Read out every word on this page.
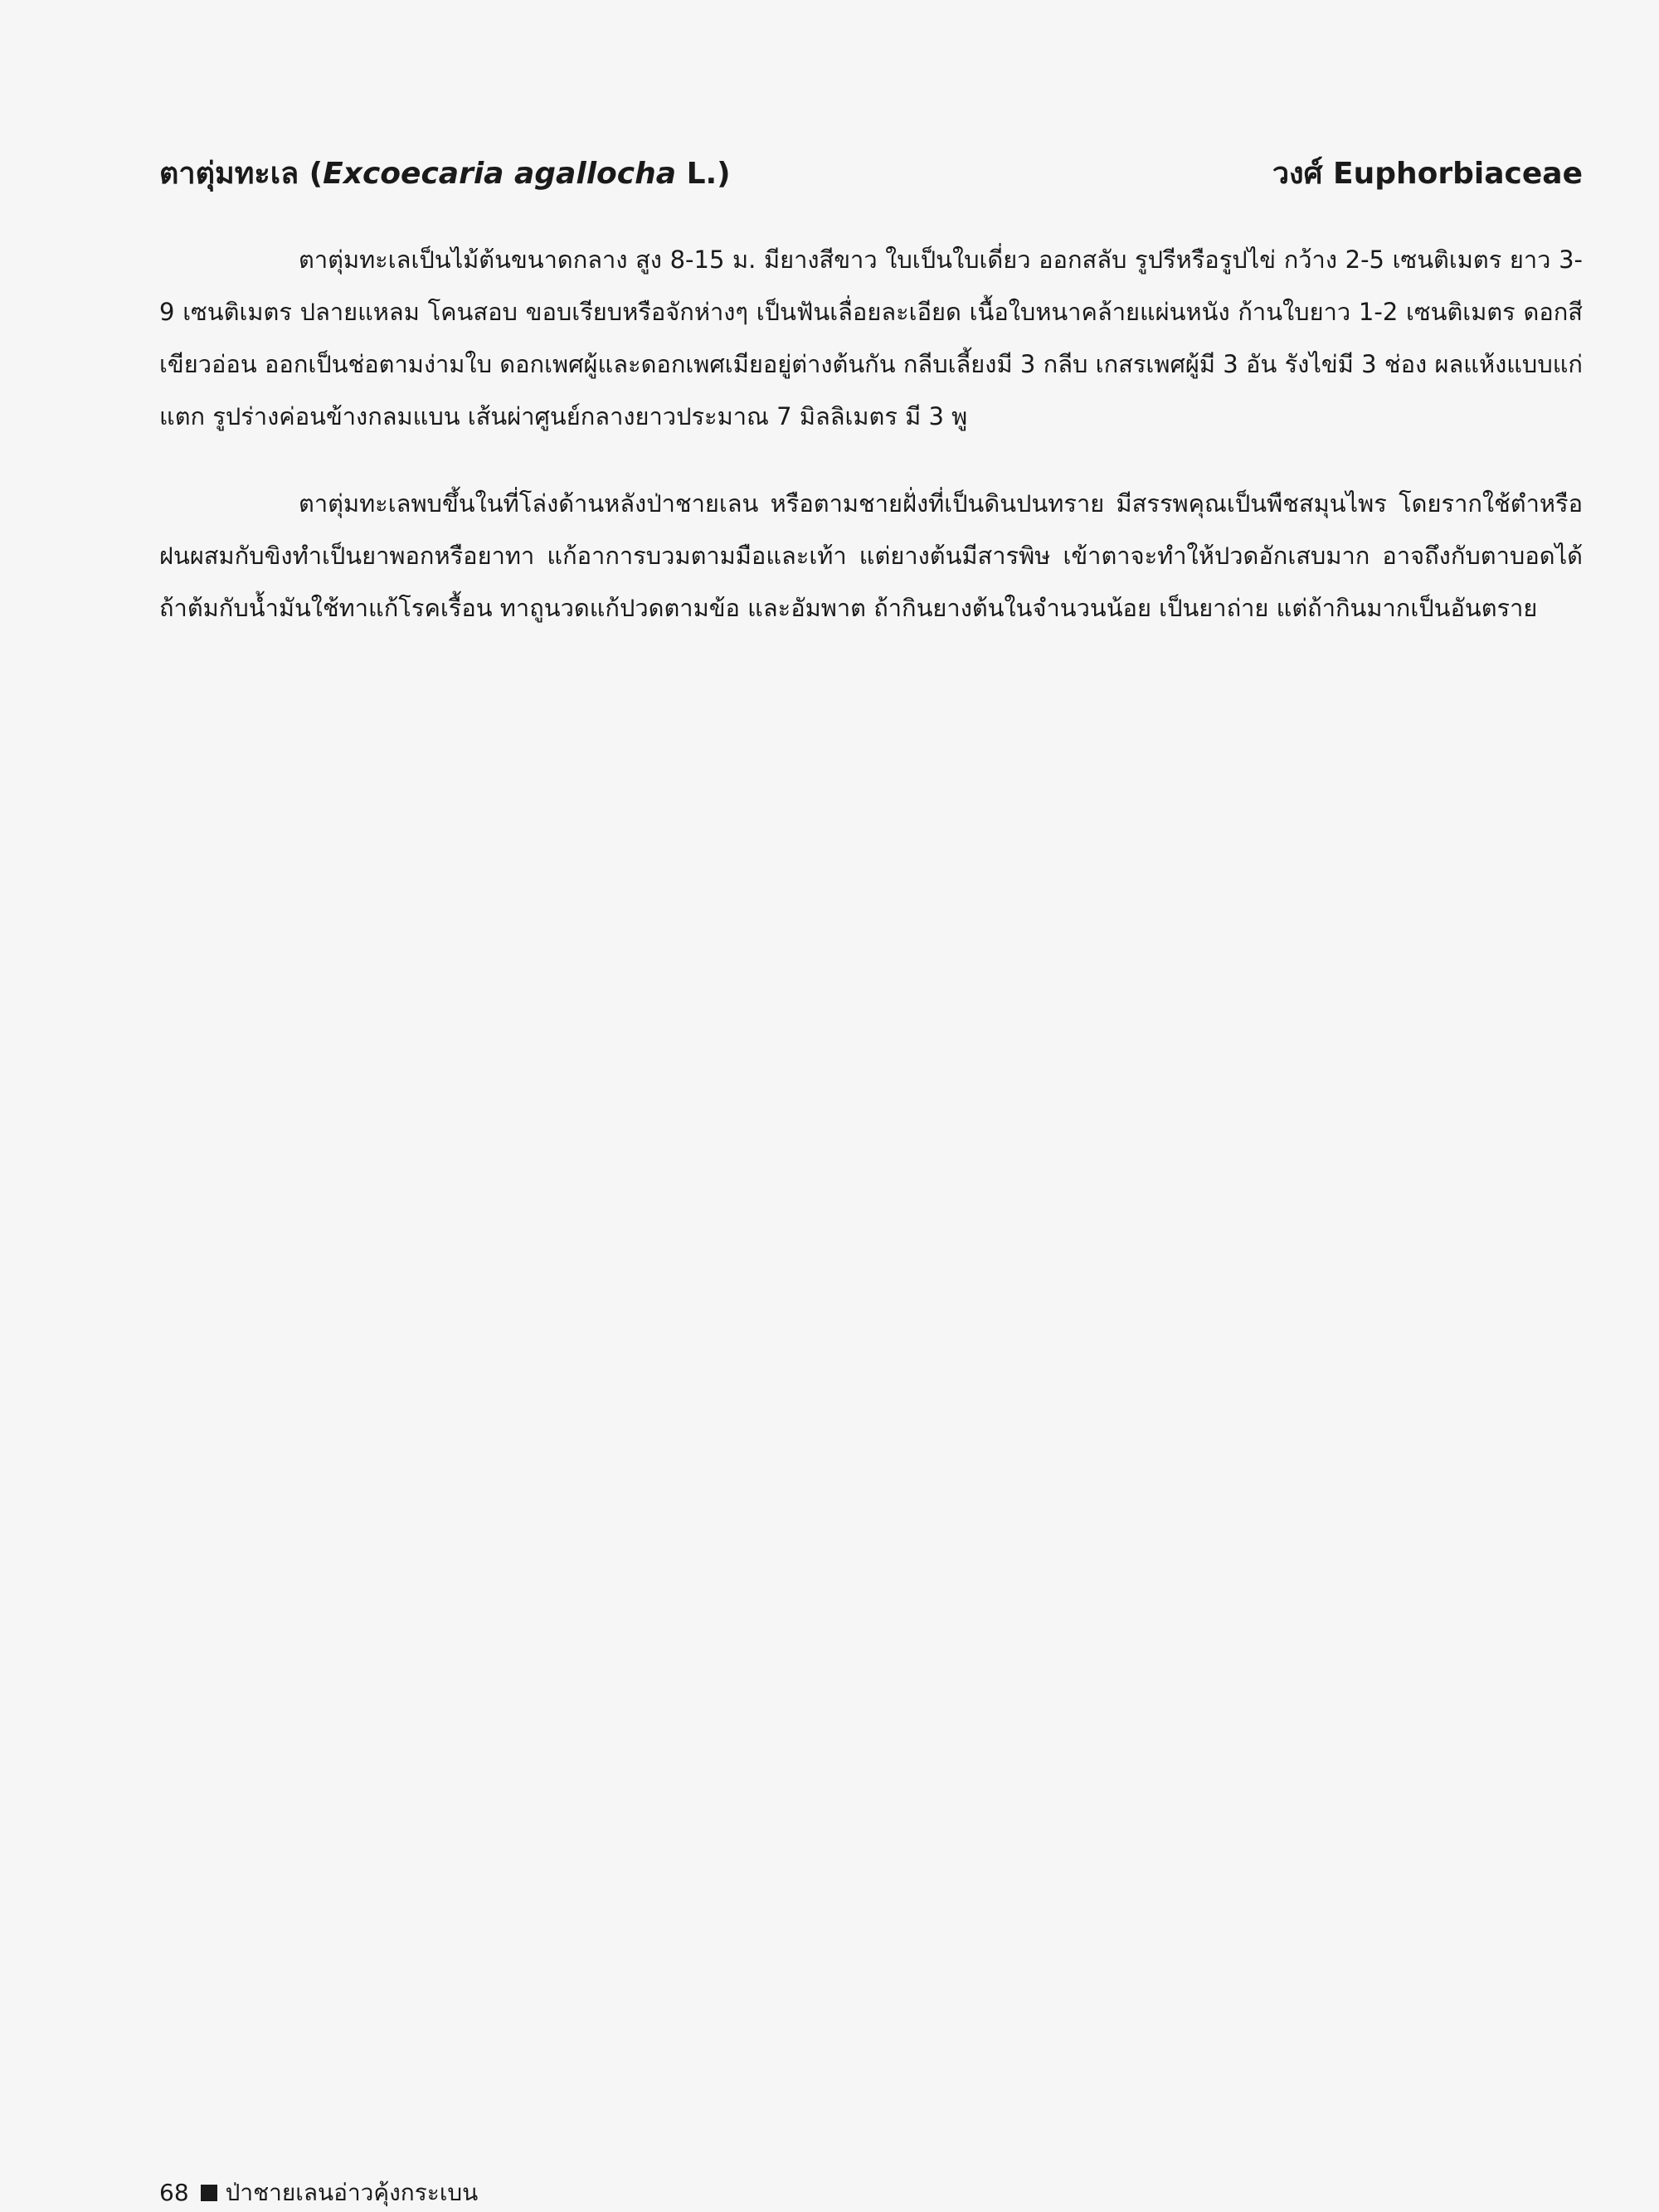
ตาตุ่มทะเล (Excoecaria agallocha L.)	วงศ์ Euphorbiaceae

ตาตุ่มทะเลเป็นไม้ต้นขนาดกลาง สูง 8-15 ม. มียางสีขาว ใบเป็นใบเดี่ยว ออกสลับ รูปรีหรือรูปไข่ กว้าง 2-5 เซนติเมตร ยาว 3-9 เซนติเมตร ปลายแหลม โคนสอบ ขอบเรียบหรือจักห่างๆ เป็นฟันเลื่อยละเอียด เนื้อใบหนาคล้ายแผ่นหนัง ก้านใบยาว 1-2 เซนติเมตร ดอกสีเขียวอ่อน ออกเป็นช่อตามง่ามใบ ดอกเพศผู้และดอกเพศเมียอยู่ต่างต้นกัน กลีบเลี้ยงมี 3 กลีบ เกสรเพศผู้มี 3 อัน รังไข่มี 3 ช่อง ผลแห้งแบบแก่แตก รูปร่างค่อนข้างกลมแบน เส้นผ่าศูนย์กลางยาวประมาณ 7 มิลลิเมตร มี 3 พู

ตาตุ่มทะเลพบขึ้นในที่โล่งด้านหลังป่าชายเลน หรือตามชายฝั่งที่เป็นดินปนทราย มีสรรพคุณเป็นพืชสมุนไพร โดยรากใช้ตำหรือฝนผสมกับขิงทำเป็นยาพอกหรือยาทา แก้อาการบวมตามมือและเท้า แต่ยางต้นมีสารพิษ เข้าตาจะทำให้ปวดอักเสบมาก อาจถึงกับตาบอดได้ ถ้าต้มกับน้ำมันใช้ทาแก้โรคเรื้อน ทาถูนวดแก้ปวดตามข้อ และอัมพาต ถ้ากินยางต้นในจำนวนน้อย เป็นยาถ่าย แต่ถ้ากินมากเป็นอันตราย

68 ป่าชายเลนอ่าวคุ้งกระเบน
